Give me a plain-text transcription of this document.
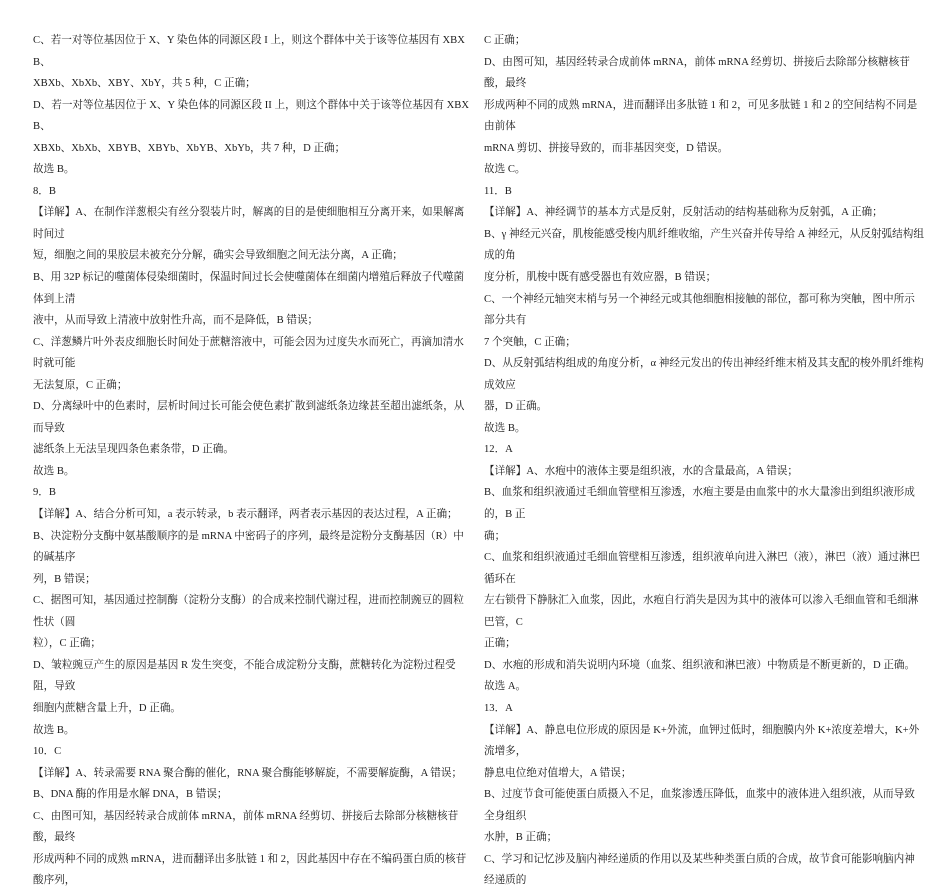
C、若一对等位基因位于 X、Y 染色体的同源区段 I 上，则这个群体中关于该等位基因有 XBXB、
XBXb、XbXb、XBY、XbY，共 5 种，C 正确；
D、若一对等位基因位于 X、Y 染色体的同源区段 II 上，则这个群体中关于该等位基因有 XBXB、
XBXb、XbXb、XBYB、XBYb、XbYB、XbYb，共 7 种，D 正确；
故选 B。
8．B
【详解】A、在制作洋葱根尖有丝分裂装片时，解离的目的是使细胞相互分离开来，如果解离时间过
短，细胞之间的果胶层未被充分分解，确实会导致细胞之间无法分离，A 正确；
B、用 32P 标记的噬菌体侵染细菌时，保温时间过长会使噬菌体在细菌内增殖后释放子代噬菌体到上清
液中，从而导致上清液中放射性升高，而不是降低，B 错误；
C、洋葱鳞片叶外表皮细胞长时间处于蔗糖溶液中，可能会因为过度失水而死亡，再滴加清水时就可能
无法复原，C 正确；
D、分离绿叶中的色素时，层析时间过长可能会使色素扩散到滤纸条边缘甚至超出滤纸条，从而导致
滤纸条上无法呈现四条色素条带，D 正确。
故选 B。
9．B
【详解】A、结合分析可知，a 表示转录，b 表示翻译，两者表示基因的表达过程，A 正确；
B、决淀粉分支酶中氨基酸顺序的是 mRNA 中密码子的序列，最终是淀粉分支酶基因（R）中的碱基序
列，B 错误；
C、据图可知，基因通过控制酶（淀粉分支酶）的合成来控制代谢过程，进而控制豌豆的圆粒性状（圆
粒），C 正确；
D、皱粒豌豆产生的原因是基因 R 发生突变，不能合成淀粉分支酶，蔗糖转化为淀粉过程受阻，导致
细胞内蔗糖含量上升，D 正确。
故选 B。
10．C
【详解】A、转录需要 RNA 聚合酶的催化，RNA 聚合酶能够解旋，不需要解旋酶，A 错误；
B、DNA 酶的作用是水解 DNA，B 错误；
C、由图可知，基因经转录合成前体 mRNA，前体 mRNA 经剪切、拼接后去除部分核糖核苷酸，最终
形成两种不同的成熟 mRNA，进而翻译出多肽链 1 和 2，因此基因中存在不编码蛋白质的核苷酸序列，
C 正确；
D、由图可知，基因经转录合成前体 mRNA，前体 mRNA 经剪切、拼接后去除部分核糖核苷酸，最终
形成两种不同的成熟 mRNA，进而翻译出多肽链 1 和 2，可见多肽链 1 和 2 的空间结构不同是由前体
mRNA 剪切、拼接导致的，而非基因突变，D 错误。
故选 C。
11．B
【详解】A、神经调节的基本方式是反射，反射活动的结构基础称为反射弧，A 正确；
B、γ 神经元兴奋，肌梭能感受梭内肌纤维收缩，产生兴奋并传导给 A 神经元，从反射弧结构组成的角
度分析，肌梭中既有感受器也有效应器，B 错误；
C、一个神经元轴突末梢与另一个神经元或其他细胞相接触的部位，都可称为突触，图中所示部分共有
7 个突触，C 正确；
D、从反射弧结构组成的角度分析，α 神经元发出的传出神经纤维末梢及其支配的梭外肌纤维构成效应
器，D 正确。
故选 B。
12．A
【详解】A、水疱中的液体主要是组织液，水的含量最高，A 错误；
B、血浆和组织液通过毛细血管壁相互渗透，水疱主要是由血浆中的水大量渗出到组织液形成的，B 正
确；
C、血浆和组织液通过毛细血管壁相互渗透，组织液单向进入淋巴（液），淋巴（液）通过淋巴循环在
左右锁骨下静脉汇入血浆，因此，水疱自行消失是因为其中的液体可以渗入毛细血管和毛细淋巴管，C
正确；
D、水疱的形成和消失说明内环境（血浆、组织液和淋巴液）中物质是不断更新的，D 正确。
故选 A。
13．A
【详解】A、静息电位形成的原因是 K+外流，血钾过低时，细胞膜内外 K+浓度差增大，K+外流增多，
静息电位绝对值增大，A 错误；
B、过度节食可能使蛋白质摄入不足，血浆渗透压降低，血浆中的液体进入组织液，从而导致全身组织
水肿，B 正确；
C、学习和记忆涉及脑内神经递质的作用以及某些种类蛋白质的合成，故节食可能影响脑内神经递质的
